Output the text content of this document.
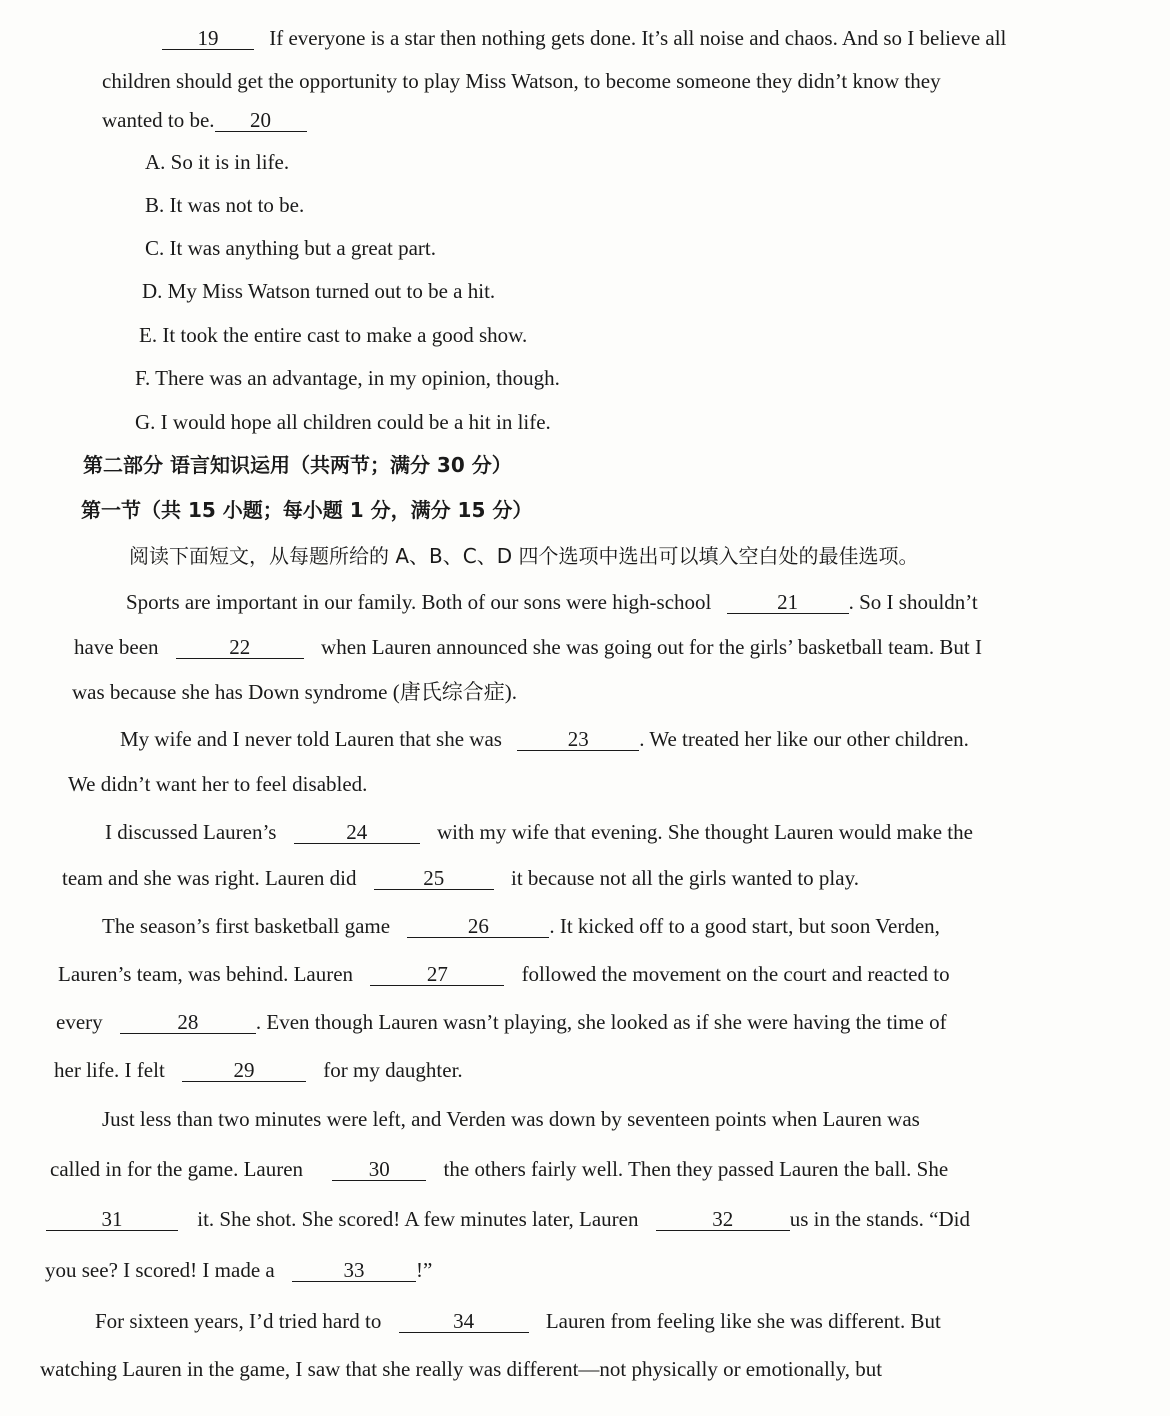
19 If everyone is a star then nothing gets done. It’s all noise and chaos. And so I believe all
children should get the opportunity to play Miss Watson, to become someone they didn’t know they
wanted to be. 20
A. So it is in life.
B. It was not to be.
C. It was anything but a great part.
D. My Miss Watson turned out to be a hit.
E. It took the entire cast to make a good show.
F. There was an advantage, in my opinion, though.
G. I would hope all children could be a hit in life.
第二部分 语言知识运用（共两节；满分 30 分）
第一节（共 15 小题；每小题 1 分，满分 15 分）
阅读下面短文，从每题所给的 A、B、C、D 四个选项中选出可以填入空白处的最佳选项。
Sports are important in our family. Both of our sons were high-school	21 . So I shouldn’t
have been	22	when Lauren announced she was going out for the girls’ basketball team. But I
was because she has Down syndrome (唐氏综合症).
My wife and I never told Lauren that she was	23 . We treated her like our other children.
We didn’t want her to feel disabled.
I discussed Lauren’s	24	with my wife that evening. She thought Lauren would make the
team and she was right. Lauren did	25	it because not all the girls wanted to play.
The season’s first basketball game	26	. It kicked off to a good start, but soon Verden,
Lauren’s team, was behind. Lauren	27	followed the movement on the court and reacted to
every	28	. Even though Lauren wasn’t playing, she looked as if she were having the time of
her life. I felt	29	for my daughter.
Just less than two minutes were left, and Verden was down by seventeen points when Lauren was
called in for the game. Lauren	30	the others fairly well. Then they passed Lauren the ball. She
31	it. She shot. She scored! A few minutes later, Lauren	32	us in the stands. “Did
you see? I scored! I made a	33 !”
For sixteen years, I’d tried hard to	34	Lauren from feeling like she was different. But
watching Lauren in the game, I saw that she really was different—not physically or emotionally, but
